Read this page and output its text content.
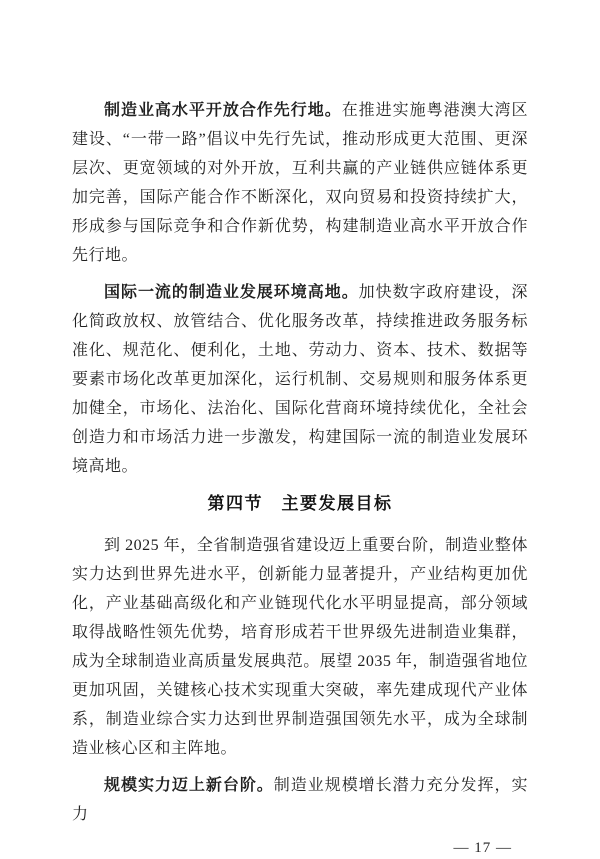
制造业高水平开放合作先行地。在推进实施粤港澳大湾区建设、“一带一路”倡议中先行先试，推动形成更大范围、更深层次、更宽领域的对外开放，互利共赢的产业链供应链体系更加完善，国际产能合作不断深化，双向贸易和投资持续扩大，形成参与国际竞争和合作新优势，构建制造业高水平开放合作先行地。

国际一流的制造业发展环境高地。加快数字政府建设，深化简政放权、放管结合、优化服务改革，持续推进政务服务标准化、规范化、便利化，土地、劳动力、资本、技术、数据等要素市场化改革更加深化，运行机制、交易规则和服务体系更加健全，市场化、法治化、国际化营商环境持续优化，全社会创造力和市场活力进一步激发，构建国际一流的制造业发展环境高地。

第四节　主要发展目标

到 2025 年，全省制造强省建设迈上重要台阶，制造业整体实力达到世界先进水平，创新能力显著提升，产业结构更加优化，产业基础高级化和产业链现代化水平明显提高，部分领域取得战略性领先优势，培育形成若干世界级先进制造业集群，成为全球制造业高质量发展典范。展望 2035 年，制造强省地位更加巩固，关键核心技术实现重大突破，率先建成现代产业体系，制造业综合实力达到世界制造强国领先水平，成为全球制造业核心区和主阵地。

规模实力迈上新台阶。制造业规模增长潜力充分发挥，实力

— 17 —
